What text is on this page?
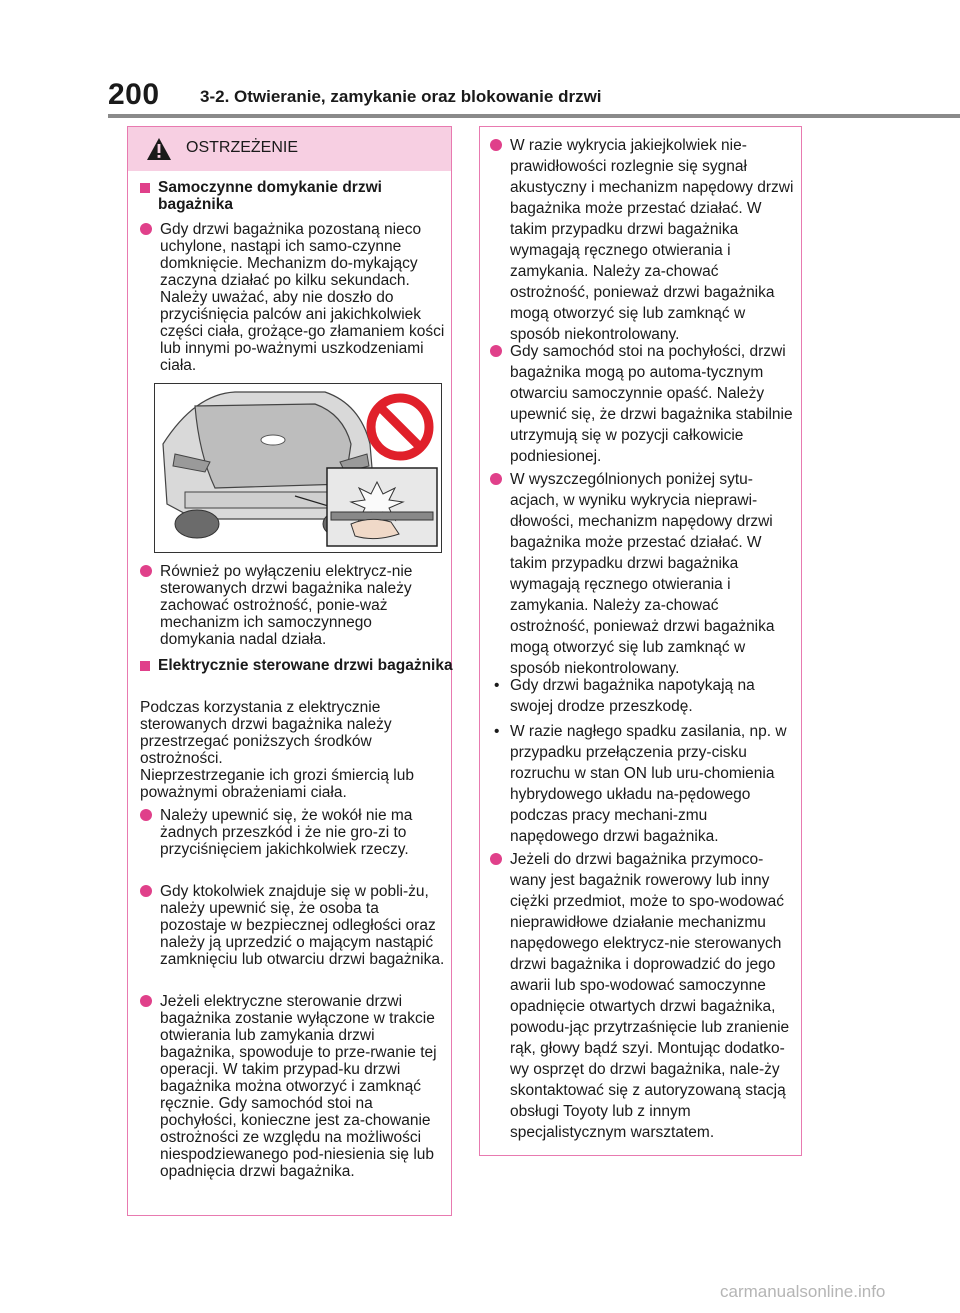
200 3-2. Otwieranie, zamykanie oraz blokowanie drzwi
OSTRZEŻENIE
Samoczynne domykanie drzwi bagażnika
Gdy drzwi bagażnika pozostaną nieco uchylone, nastąpi ich samo-czynne domknięcie. Mechanizm do-mykający zaczyna działać po kilku sekundach. Należy uważać, aby nie doszło do przyciśnięcia palców ani jakichkolwiek części ciała, grożące-go złamaniem kości lub innymi po-ważnymi uszkodzeniami ciała.
Również po wyłączeniu elektrycz-nie sterowanych drzwi bagażnika należy zachować ostrożność, ponie-waż mechanizm ich samoczynnego domykania nadal działa.
Elektrycznie sterowane drzwi bagażnika
Podczas korzystania z elektrycznie sterowanych drzwi bagażnika należy przestrzegać poniższych środków ostrożności.
Nieprzestrzeganie ich grozi śmiercią lub poważnymi obrażeniami ciała.
Należy upewnić się, że wokół nie ma żadnych przeszkód i że nie gro-zi to przyciśnięciem jakichkolwiek rzeczy.
Gdy ktokolwiek znajduje się w pobli-żu, należy upewnić się, że osoba ta pozostaje w bezpiecznej odległości oraz należy ją uprzedzić o mającym nastąpić zamknięciu lub otwarciu drzwi bagażnika.
Jeżeli elektryczne sterowanie drzwi bagażnika zostanie wyłączone w trakcie otwierania lub zamykania drzwi bagażnika, spowoduje to prze-rwanie tej operacji. W takim przypad-ku drzwi bagażnika można otworzyć i zamknąć ręcznie. Gdy samochód stoi na pochyłości, konieczne jest za-chowanie ostrożności ze względu na możliwości niespodziewanego pod-niesienia się lub opadnięcia drzwi bagażnika.
W razie wykrycia jakiejkolwiek nie-prawidłowości rozlegnie się sygnał akustyczny i mechanizm napędowy drzwi bagażnika może przestać działać. W takim przypadku drzwi bagażnika wymagają ręcznego otwierania i zamykania. Należy za-chować ostrożność, ponieważ drzwi bagażnika mogą otworzyć się lub zamknąć w sposób niekontrolowany.
Gdy samochód stoi na pochyłości, drzwi bagażnika mogą po automa-tycznym otwarciu samoczynnie opaść. Należy upewnić się, że drzwi bagażnika stabilnie utrzymują się w pozycji całkowicie podniesionej.
W wyszczególnionych poniżej sytu-acjach, w wyniku wykrycia nieprawi-dłowości, mechanizm napędowy drzwi bagażnika może przestać działać. W takim przypadku drzwi bagażnika wymagają ręcznego otwierania i zamykania. Należy za-chować ostrożność, ponieważ drzwi bagażnika mogą otworzyć się lub zamknąć w sposób niekontrolowany.
• Gdy drzwi bagażnika napotykają na swojej drodze przeszkodę.
• W razie nagłego spadku zasilania, np. w przypadku przełączenia przy-cisku rozruchu w stan ON lub uru-chomienia hybrydowego układu na-pędowego podczas pracy mechani-zmu napędowego drzwi bagażnika.
Jeżeli do drzwi bagażnika przymoco-wany jest bagażnik rowerowy lub inny ciężki przedmiot, może to spo-wodować nieprawidłowe działanie mechanizmu napędowego elektrycz-nie sterowanych drzwi bagażnika i doprowadzić do jego awarii lub spo-wodować samoczynne opadnięcie otwartych drzwi bagażnika, powodu-jąc przytrzaśnięcie lub zranienie rąk, głowy bądź szyi. Montując dodatko-wy osprzęt do drzwi bagażnika, nale-ży skontaktować się z autoryzowaną stacją obsługi Toyoty lub z innym specjalistycznym warsztatem.
carmanualsonline.info
